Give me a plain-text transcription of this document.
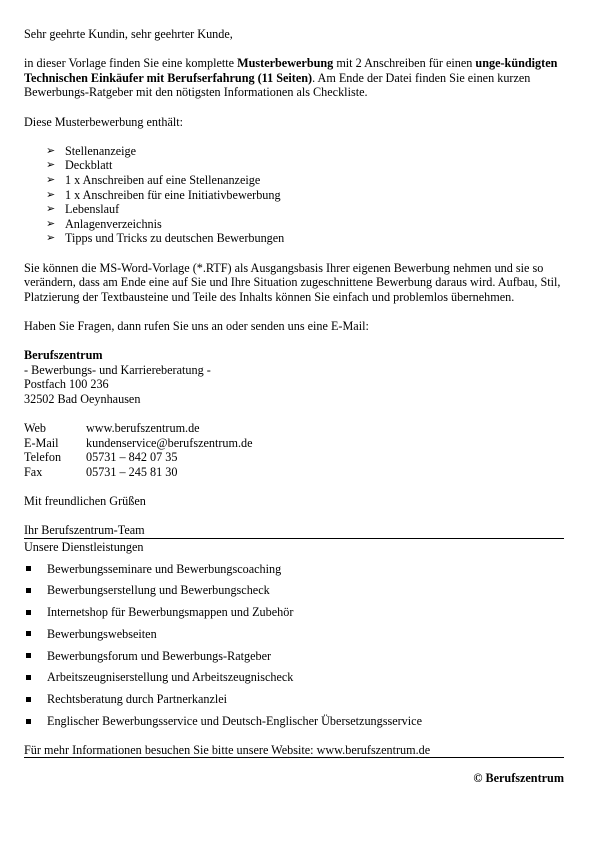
Sehr geehrte Kundin, sehr geehrter Kunde,

in dieser Vorlage finden Sie eine komplette Musterbewerbung mit 2 Anschreiben für einen unge-kündigten Technischen Einkäufer mit Berufserfahrung (11 Seiten). Am Ende der Datei finden Sie einen kurzen Bewerbungs-Ratgeber mit den nötigsten Informationen als Checkliste.

Diese Musterbewerbung enthält:

➢ Stellenanzeige
➢ Deckblatt
➢ 1 x Anschreiben auf eine Stellenanzeige
➢ 1 x Anschreiben für eine Initiativbewerbung
➢ Lebenslauf
➢ Anlagenverzeichnis
➢ Tipps und Tricks zu deutschen Bewerbungen

Sie können die MS-Word-Vorlage (*.RTF) als Ausgangsbasis Ihrer eigenen Bewerbung nehmen und sie so verändern, dass am Ende eine auf Sie und Ihre Situation zugeschnittene Bewerbung daraus wird. Aufbau, Stil, Platzierung der Textbausteine und Teile des Inhalts können Sie einfach und problemlos übernehmen.

Haben Sie Fragen, dann rufen Sie uns an oder senden uns eine E-Mail:

Berufszentrum

- Bewerbungs- und Karriereberatung -

Postfach 100 236

32502 Bad Oeynhausen

Web	www.berufszentrum.de
E-Mail	kundenservice@berufszentrum.de
Telefon	05731 – 842 07 35
Fax	05731 – 245 81 30

Mit freundlichen Grüßen

Ihr Berufszentrum-Team

Unsere Dienstleistungen

Bewerbungsseminare und Bewerbungscoaching
Bewerbungserstellung und Bewerbungscheck
Internetshop für Bewerbungsmappen und Zubehör
Bewerbungswebseiten
Bewerbungsforum und Bewerbungs-Ratgeber
Arbeitszeugniserstellung und Arbeitszeugnischeck
Rechtsberatung durch Partnerkanzlei
Englischer Bewerbungsservice und Deutsch-Englischer Übersetzungsservice

Für mehr Informationen besuchen Sie bitte unsere Website: www.berufszentrum.de

© Berufszentrum
